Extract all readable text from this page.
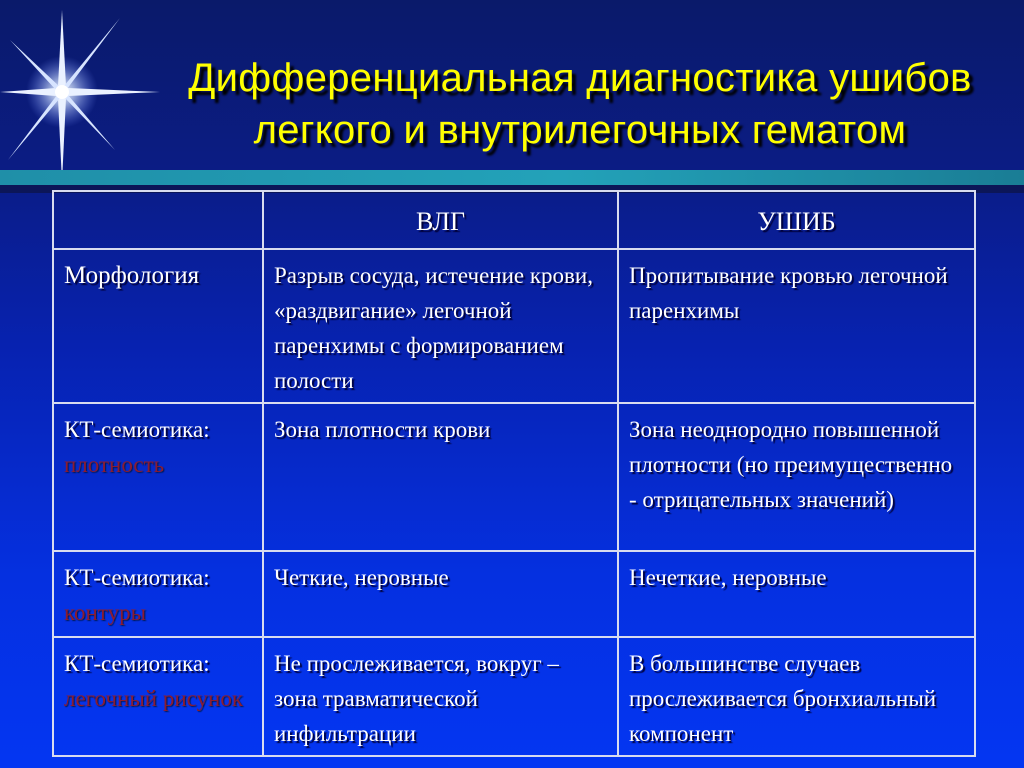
Дифференциальная диагностика ушибов
легкого и внутрилегочных гематом
	ВЛГ	УШИБ

Морфология	Разрыв сосуда, истечение крови, «раздвигание» легочной паренхимы с формированием полости	Пропитывание кровью легочной паренхимы

КТ-семиотика:
плотность	Зона плотности крови	Зона неоднородно повышенной плотности (но преимущественно - отрицательных значений)

КТ-семиотика:
контуры	Четкие, неровные	Нечеткие, неровные

КТ-семиотика:
легочный рисунок	Не прослеживается, вокруг – зона травматической инфильтрации	В большинстве случаев прослеживается бронхиальный компонент
